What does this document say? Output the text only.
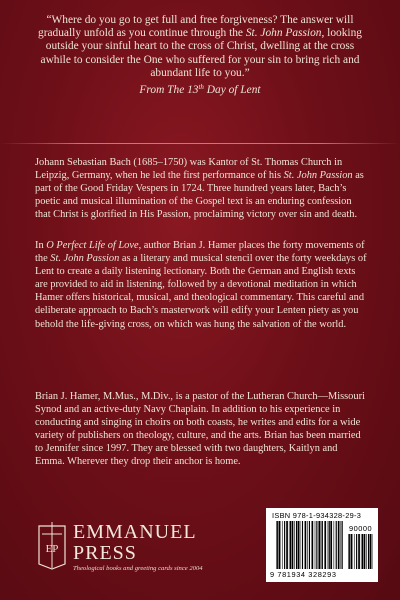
“Where do you go to get full and free forgiveness? The answer will gradually unfold as you continue through the St. John Passion, looking outside your sinful heart to the cross of Christ, dwelling at the cross awhile to consider the One who suffered for your sin to bring rich and abundant life to you.”
From The 13th Day of Lent

Johann Sebastian Bach (1685–1750) was Kantor of St. Thomas Church in Leipzig, Germany, when he led the first performance of his St. John Passion as part of the Good Friday Vespers in 1724. Three hundred years later, Bach’s poetic and musical illumination of the Gospel text is an enduring confession that Christ is glorified in His Passion, proclaiming victory over sin and death.

In O Perfect Life of Love, author Brian J. Hamer places the forty movements of the St. John Passion as a literary and musical stencil over the forty weekdays of Lent to create a daily listening lectionary. Both the German and English texts are provided to aid in listening, followed by a devotional meditation in which Hamer offers historical, musical, and theological commentary. This careful and deliberate approach to Bach’s masterwork will edify your Lenten piety as you behold the life-giving cross, on which was hung the salvation of the world.

Brian J. Hamer, M.Mus., M.Div., is a pastor of the Lutheran Church—Missouri Synod and an active-duty Navy Chaplain. In addition to his experience in conducting and singing in choirs on both coasts, he writes and edits for a wide variety of publishers on theology, culture, and the arts. Brian has been married to Jennifer since 1997. They are blessed with two daughters, Kaitlyn and Emma. Wherever they drop their anchor is home.

EP
EMMANUEL
PRESS
Theological books and greeting cards since 2004
ISBN 978-1-934328-29-3
90000
9 781934 328293
